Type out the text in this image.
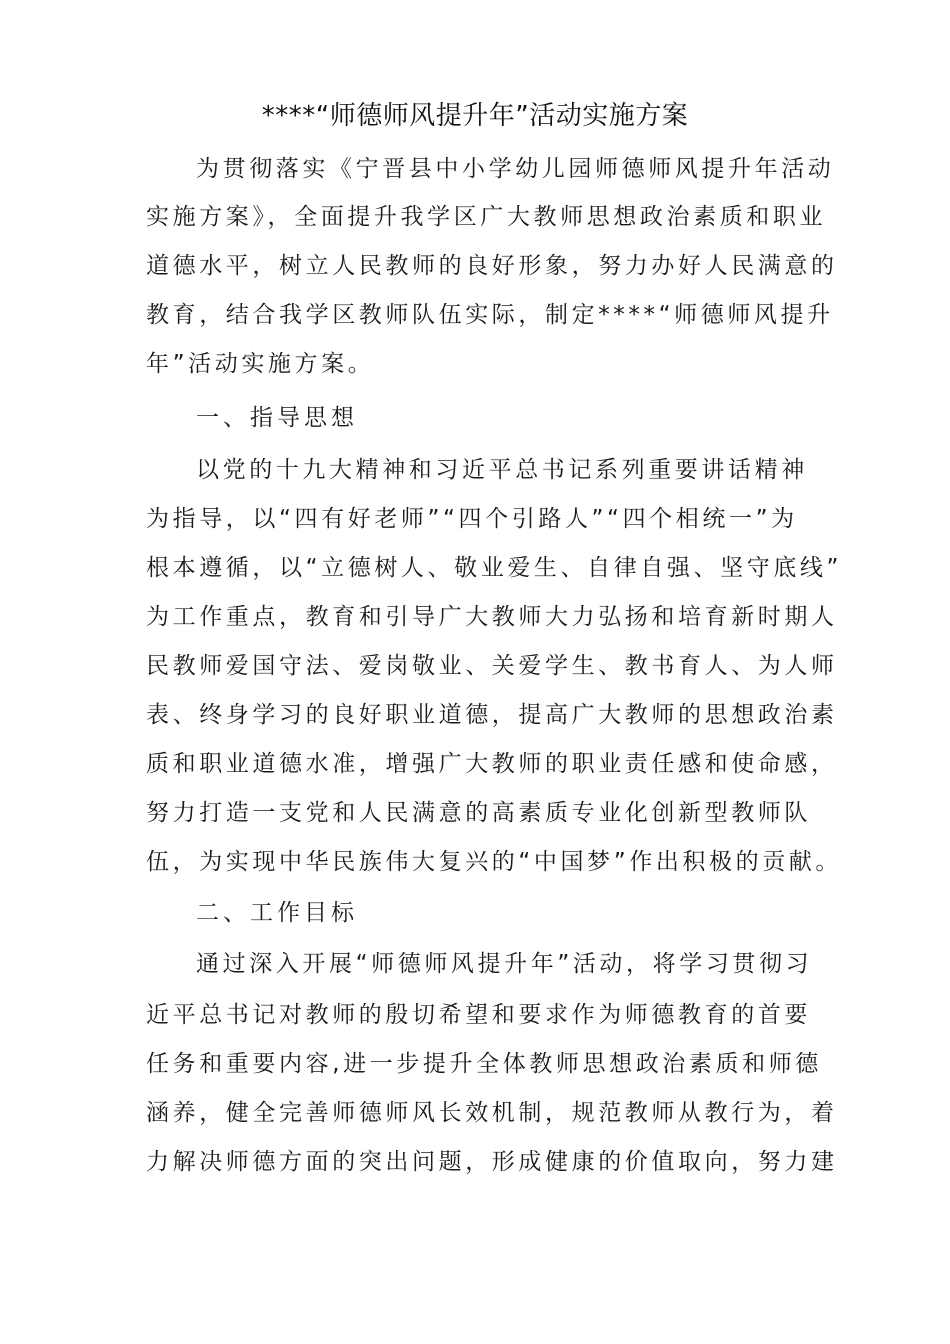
****“师德师风提升年”活动实施方案
为贯彻落实《宁晋县中小学幼儿园师德师风提升年活动
实施方案》，全面提升我学区广大教师思想政治素质和职业
道德水平，树立人民教师的良好形象，努力办好人民满意的
教育，结合我学区教师队伍实际，制定****“师德师风提升
年”活动实施方案。
一、指导思想
以党的十九大精神和习近平总书记系列重要讲话精神
为指导，以“四有好老师”“四个引路人”“四个相统一”为
根本遵循，以“立德树人、敬业爱生、自律自强、坚守底线”
为工作重点，教育和引导广大教师大力弘扬和培育新时期人
民教师爱国守法、爱岗敬业、关爱学生、教书育人、为人师
表、终身学习的良好职业道德，提高广大教师的思想政治素
质和职业道德水准，增强广大教师的职业责任感和使命感，
努力打造一支党和人民满意的高素质专业化创新型教师队
伍，为实现中华民族伟大复兴的“中国梦”作出积极的贡献。
二、工作目标
通过深入开展“师德师风提升年”活动，将学习贯彻习
近平总书记对教师的殷切希望和要求作为师德教育的首要
任务和重要内容,进一步提升全体教师思想政治素质和师德
涵养，健全完善师德师风长效机制，规范教师从教行为，着
力解决师德方面的突出问题，形成健康的价值取向，努力建
